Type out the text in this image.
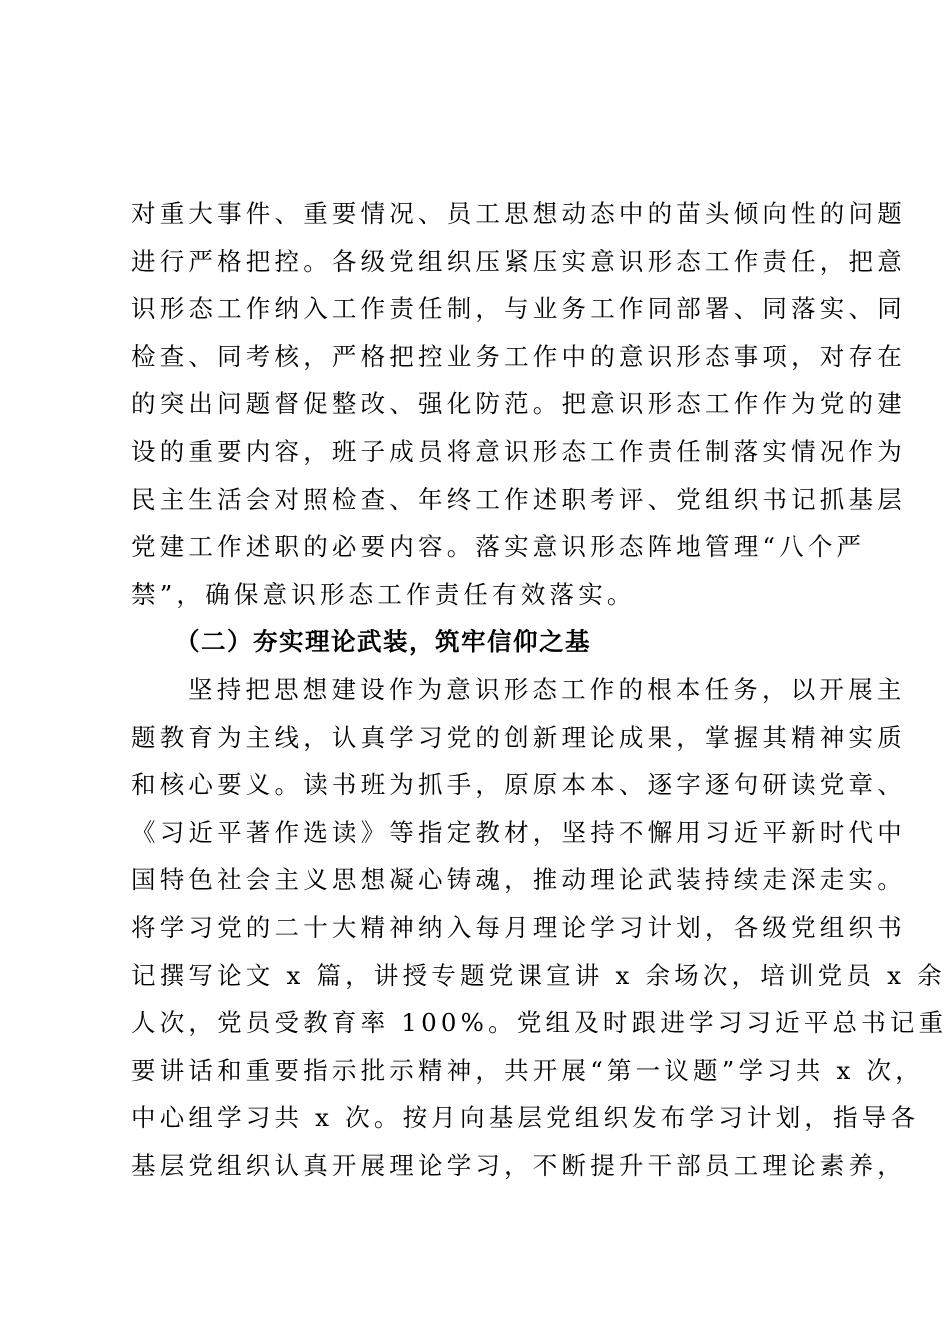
对重大事件、重要情况、员工思想动态中的苗头倾向性的问题
进行严格把控。各级党组织压紧压实意识形态工作责任，把意
识形态工作纳入工作责任制，与业务工作同部署、同落实、同
检查、同考核，严格把控业务工作中的意识形态事项，对存在
的突出问题督促整改、强化防范。把意识形态工作作为党的建
设的重要内容，班子成员将意识形态工作责任制落实情况作为
民主生活会对照检查、年终工作述职考评、党组织书记抓基层
党建工作述职的必要内容。落实意识形态阵地管理“八个严
禁”，确保意识形态工作责任有效落实。
（二）夯实理论武装，筑牢信仰之基
坚持把思想建设作为意识形态工作的根本任务，以开展主
题教育为主线，认真学习党的创新理论成果，掌握其精神实质
和核心要义。读书班为抓手，原原本本、逐字逐句研读党章、
《习近平著作选读》等指定教材，坚持不懈用习近平新时代中
国特色社会主义思想凝心铸魂，推动理论武装持续走深走实。
将学习党的二十大精神纳入每月理论学习计划，各级党组织书
记撰写论文 x 篇，讲授专题党课宣讲 x 余场次，培训党员 x 余
人次，党员受教育率 100%。党组及时跟进学习习近平总书记重
要讲话和重要指示批示精神，共开展“第一议题”学习共 x 次，
中心组学习共 x 次。按月向基层党组织发布学习计划，指导各
基层党组织认真开展理论学习，不断提升干部员工理论素养，
